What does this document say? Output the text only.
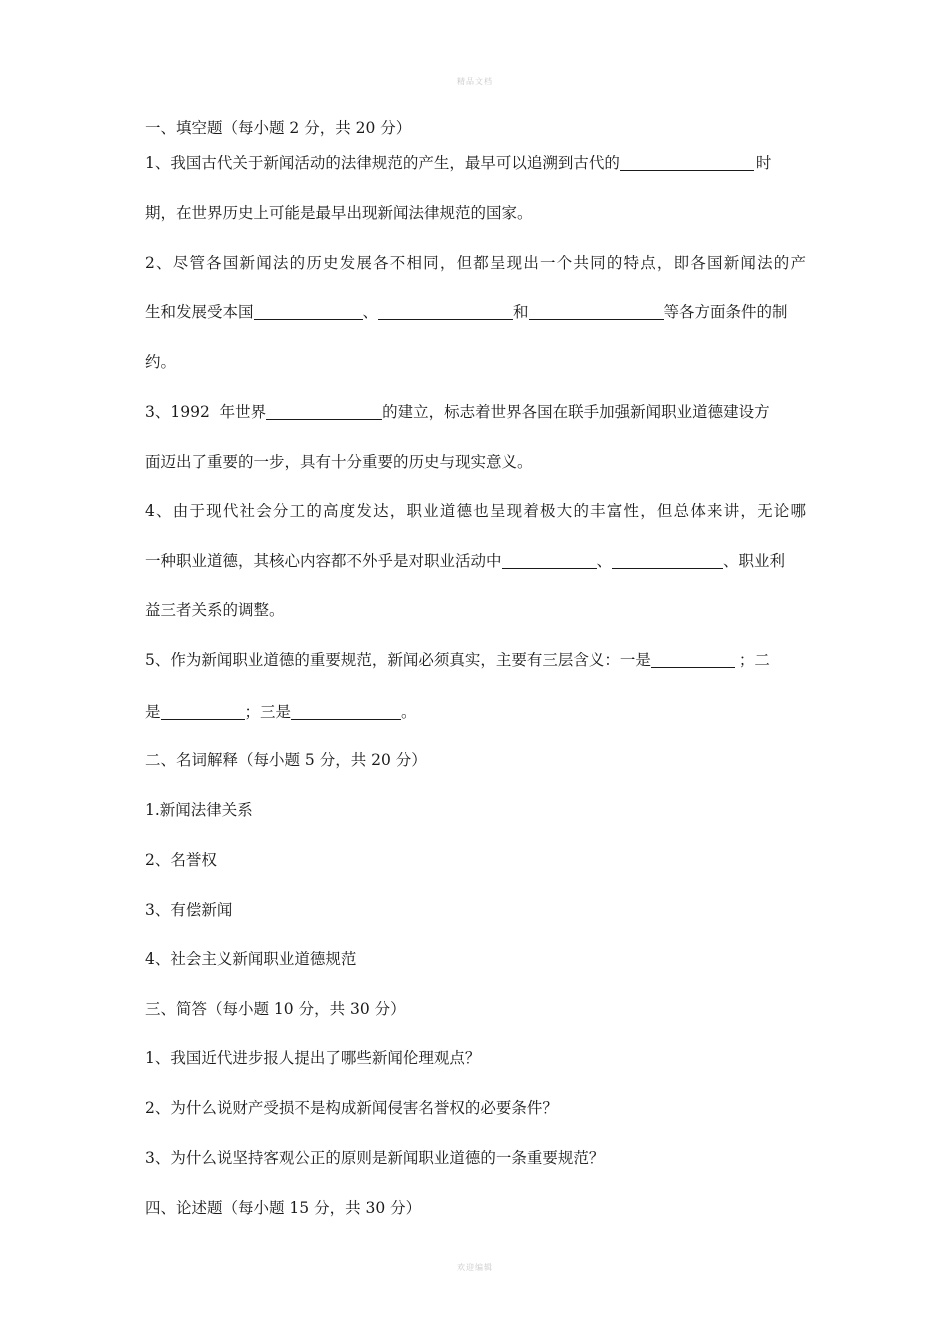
精品文档
一、填空题（每小题 2 分，共 20 分）
1、我国古代关于新闻活动的法律规范的产生，最早可以追溯到古代的	时
期，在世界历史上可能是最早出现新闻法律规范的国家。
2、尽管各国新闻法的历史发展各不相同，但都呈现出一个共同的特点，即各国新闻法的产
生和发展受本国	、	和	等各方面条件的制
约。
3、1992  年世界	的建立，标志着世界各国在联手加强新闻职业道德建设方
面迈出了重要的一步，具有十分重要的历史与现实意义。
4、由于现代社会分工的高度发达，职业道德也呈现着极大的丰富性，但总体来讲，无论哪
一种职业道德，其核心内容都不外乎是对职业活动中	、	、职业利
益三者关系的调整。
5、作为新闻职业道德的重要规范，新闻必须真实，主要有三层含义：一是	；二
是	；三是	。
二、名词解释（每小题 5 分，共 20 分）
1.新闻法律关系
2、名誉权
3、有偿新闻
4、社会主义新闻职业道德规范
三、简答（每小题 10 分，共 30 分）
1、我国近代进步报人提出了哪些新闻伦理观点？
2、为什么说财产受损不是构成新闻侵害名誉权的必要条件？
3、为什么说坚持客观公正的原则是新闻职业道德的一条重要规范？
四、论述题（每小题 15 分，共 30 分）
欢迎编辑
